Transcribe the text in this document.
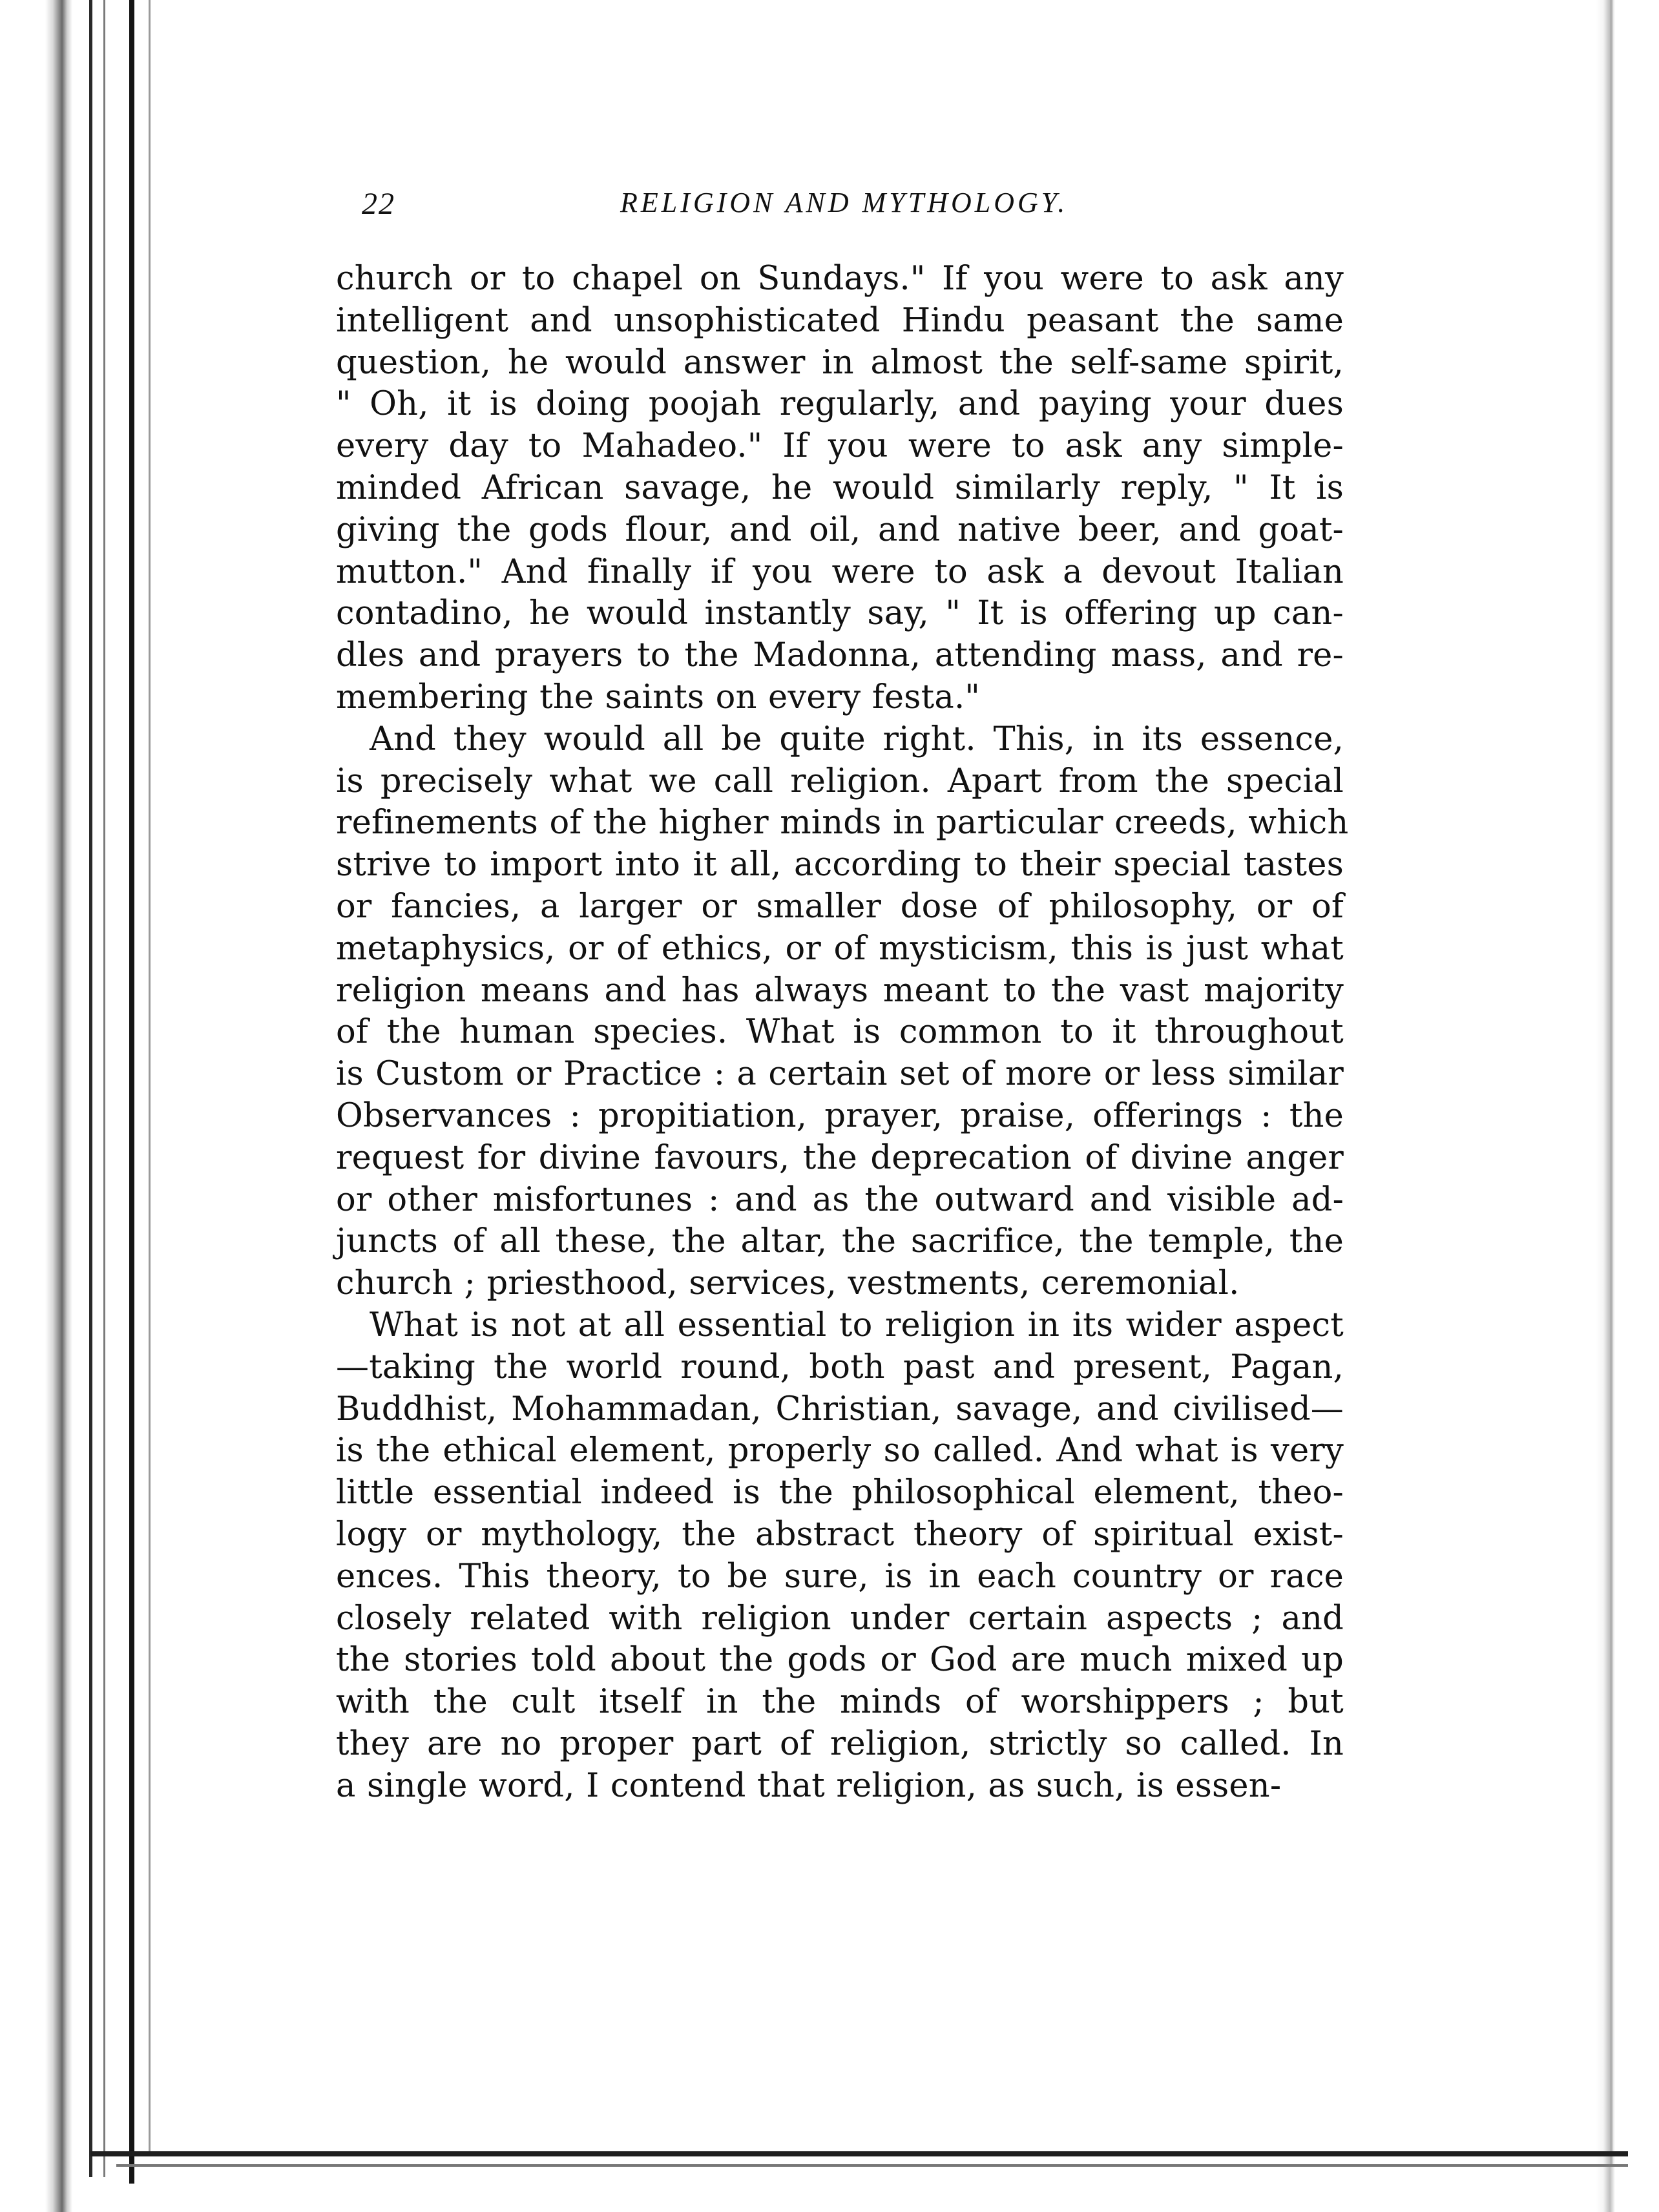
22	RELIGION AND MYTHOLOGY.

church or to chapel on Sundays." If you were to ask any
intelligent and unsophisticated Hindu peasant the same
question, he would answer in almost the self-same spirit,
" Oh, it is doing poojah regularly, and paying your dues
every day to Mahadeo." If you were to ask any simple-
minded African savage, he would similarly reply, " It is
giving the gods flour, and oil, and native beer, and goat-
mutton." And finally if you were to ask a devout Italian
contadino, he would instantly say, " It is offering up can-
dles and prayers to the Madonna, attending mass, and re-
membering the saints on every festa."

And they would all be quite right. This, in its essence,
is precisely what we call religion. Apart from the special
refinements of the higher minds in particular creeds, which
strive to import into it all, according to their special tastes
or fancies, a larger or smaller dose of philosophy, or of
metaphysics, or of ethics, or of mysticism, this is just what
religion means and has always meant to the vast majority
of the human species. What is common to it throughout
is Custom or Practice : a certain set of more or less similar
Observances : propitiation, prayer, praise, offerings : the
request for divine favours, the deprecation of divine anger
or other misfortunes : and as the outward and visible ad-
juncts of all these, the altar, the sacrifice, the temple, the
church ; priesthood, services, vestments, ceremonial.

What is not at all essential to religion in its wider aspect
—taking the world round, both past and present, Pagan,
Buddhist, Mohammadan, Christian, savage, and civilised—
is the ethical element, properly so called. And what is very
little essential indeed is the philosophical element, theo-
logy or mythology, the abstract theory of spiritual exist-
ences. This theory, to be sure, is in each country or race
closely related with religion under certain aspects ; and
the stories told about the gods or God are much mixed up
with the cult itself in the minds of worshippers ; but
they are no proper part of religion, strictly so called. In
a single word, I contend that religion, as such, is essen-
